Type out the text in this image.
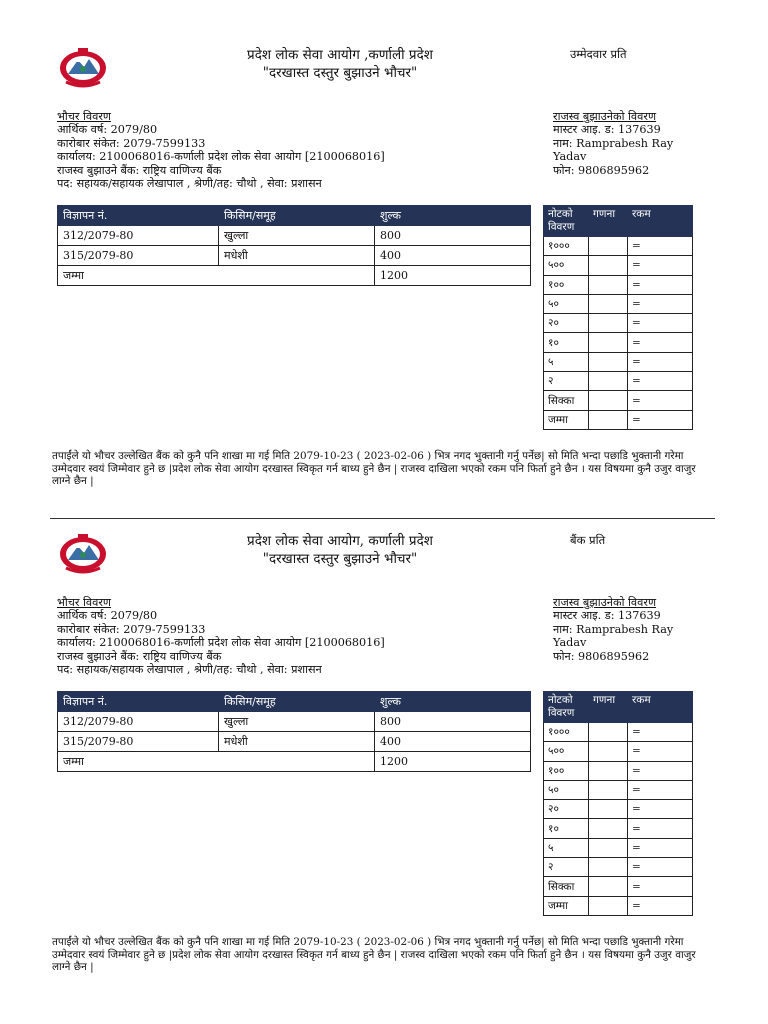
प्रदेश लोक सेवा आयोग ,कर्णाली प्रदेश
"दरखास्त दस्तुर बुझाउने भौचर"
उम्मेदवार प्रति
भौचर विवरण
आर्थिक वर्ष: 2079/80
कारोबार संकेत: 2079-7599133
कार्यालय: 2100068016-कर्णाली प्रदेश लोक सेवा आयोग [2100068016]
राजस्व बुझाउने बैंक: राष्ट्रिय वाणिज्य बैंक
पद: सहायक/सहायक लेखापाल , श्रेणी/तह: चौथो , सेवा: प्रशासन
राजस्व बुझाउनेको विवरण
मास्टर आइ. ड: 137639
नाम: Ramprabesh Ray Yadav
फोन: 9806895962
विज्ञापन नं.	किसिम/समूह	शुल्क
312/2079-80	खुल्ला	800
315/2079-80	मधेशी	400
जम्मा		1200
नोटको विवरण	गणना	रकम
१०००		=
५००		=
१००		=
५०		=
२०		=
१०		=
५		=
२		=
सिक्का		=
जम्मा		=
तपाईंले यो भौचर उल्लेखित बैंक को कुनै पनि शाखा मा गई मिति 2079-10-23 ( 2023-02-06 ) भित्र नगद भुक्तानी गर्नु पर्नेछ| सो मिति भन्दा पछाडि भुक्तानी गरेमा उम्मेदवार स्वयं जिम्मेवार हुने छ |प्रदेश लोक सेवा आयोग दरखास्त स्विकृत गर्न बाध्य हुने छैन | राजस्व दाखिला भएको रकम पनि फिर्ता हुने छैन । यस विषयमा कुनै उजुर वाजुर लाग्ने छैन |
प्रदेश लोक सेवा आयोग, कर्णाली प्रदेश
"दरखास्त दस्तुर बुझाउने भौचर"
बैंक प्रति
भौचर विवरण
आर्थिक वर्ष: 2079/80
कारोबार संकेत: 2079-7599133
कार्यालय: 2100068016-कर्णाली प्रदेश लोक सेवा आयोग [2100068016]
राजस्व बुझाउने बैंक: राष्ट्रिय वाणिज्य बैंक
पद: सहायक/सहायक लेखापाल , श्रेणी/तह: चौथो , सेवा: प्रशासन
राजस्व बुझाउनेको विवरण
मास्टर आइ. ड: 137639
नाम: Ramprabesh Ray Yadav
फोन: 9806895962
विज्ञापन नं.	किसिम/समूह	शुल्क
312/2079-80	खुल्ला	800
315/2079-80	मधेशी	400
जम्मा		1200
नोटको विवरण	गणना	रकम
१०००		=
५००		=
१००		=
५०		=
२०		=
१०		=
५		=
२		=
सिक्का		=
जम्मा		=
तपाईंले यो भौचर उल्लेखित बैंक को कुनै पनि शाखा मा गई मिति 2079-10-23 ( 2023-02-06 ) भित्र नगद भुक्तानी गर्नु पर्नेछ| सो मिति भन्दा पछाडि भुक्तानी गरेमा उम्मेदवार स्वयं जिम्मेवार हुने छ |प्रदेश लोक सेवा आयोग दरखास्त स्विकृत गर्न बाध्य हुने छैन | राजस्व दाखिला भएको रकम पनि फिर्ता हुने छैन । यस विषयमा कुनै उजुर वाजुर लाग्ने छैन |
